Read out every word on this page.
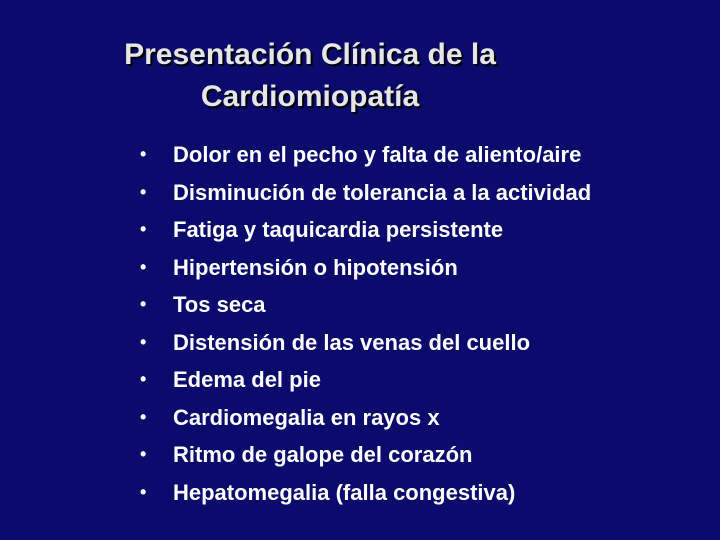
Presentación Clínica de la
Cardiomiopatía
•	Dolor en el pecho y falta de aliento/aire
•	Disminución de tolerancia a la actividad
•	Fatiga y taquicardia persistente
•	Hipertensión o hipotensión
•	Tos seca
•	Distensión de las venas del cuello
•	Edema del pie
•	Cardiomegalia en rayos x
•	Ritmo de galope del corazón
•	Hepatomegalia (falla congestiva)
